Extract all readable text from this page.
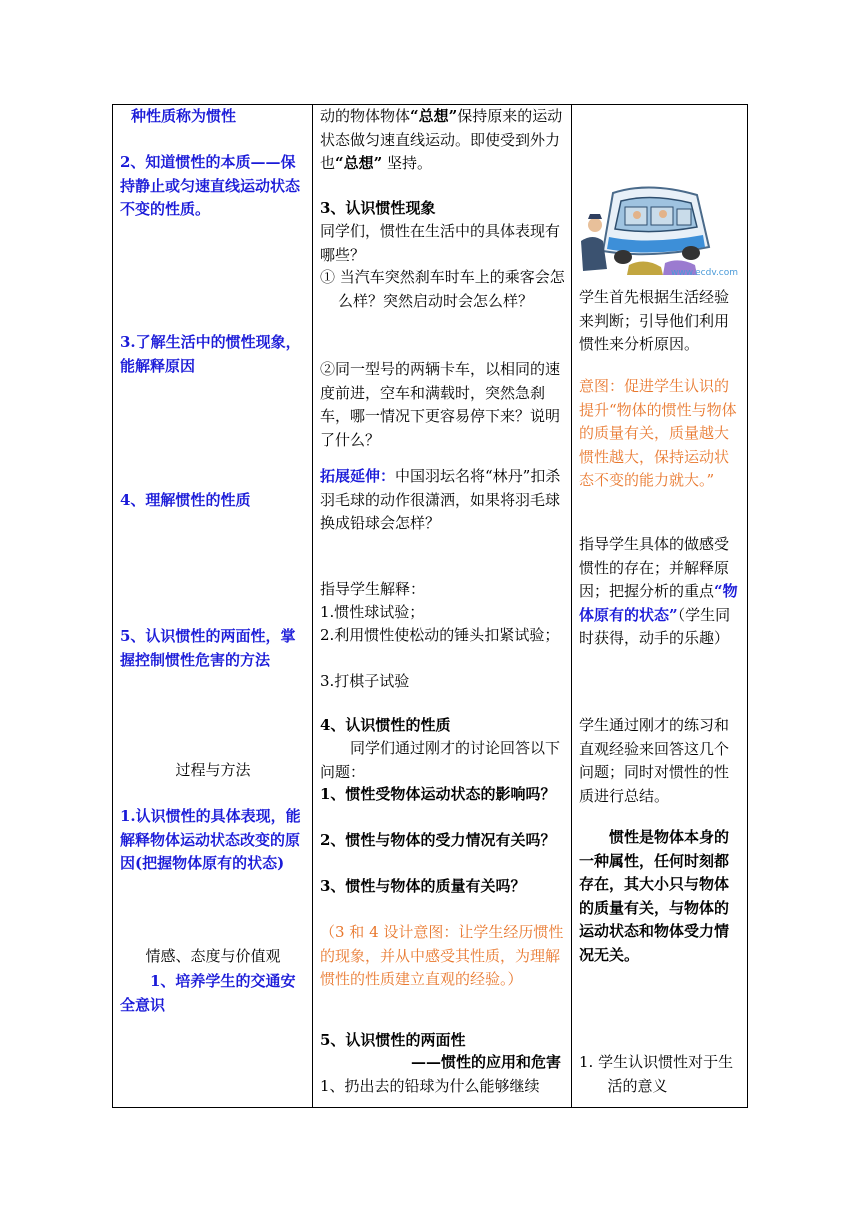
种性质称为惯性
2、知道惯性的本质——保持静止或匀速直线运动状态不变的性质。
3.了解生活中的惯性现象，能解释原因
4、理解惯性的性质
5、认识惯性的两面性，掌握控制惯性危害的方法
过程与方法
1.认识惯性的具体表现，能解释物体运动状态改变的原因(把握物体原有的状态)
情感、态度与价值观
1、培养学生的交通安全意识
动的物体物体“总想”保持原来的运动状态做匀速直线运动。即使受到外力也“总想” 坚持。
3、认识惯性现象
同学们，惯性在生活中的具体表现有哪些？
① 当汽车突然刹车时车上的乘客会怎么样？突然启动时会怎么样？
②同一型号的两辆卡车，以相同的速度前进，空车和满载时，突然急刹车，哪一情况下更容易停下来？说明了什么？
拓展延伸：中国羽坛名将“林丹”扣杀羽毛球的动作很潇洒，如果将羽毛球换成铅球会怎样？
指导学生解释：
1.惯性球试验；
2.利用惯性使松动的锤头扣紧试验；
3.打棋子试验
4、认识惯性的性质
同学们通过刚才的讨论回答以下问题：
1、惯性受物体运动状态的影响吗？
2、惯性与物体的受力情况有关吗？
3、惯性与物体的质量有关吗？
（3 和 4 设计意图：让学生经历惯性的现象，并从中感受其性质，为理解惯性的性质建立直观的经验。）
5、认识惯性的两面性
——惯性的应用和危害
1、扔出去的铅球为什么能够继续
www.ecdv.com
学生首先根据生活经验来判断；引导他们利用惯性来分析原因。
意图：促进学生认识的提升“物体的惯性与物体的质量有关，质量越大惯性越大，保持运动状态不变的能力就大。”
指导学生具体的做感受惯性的存在；并解释原因；把握分析的重点“物体原有的状态”（学生同时获得，动手的乐趣）
学生通过刚才的练习和直观经验来回答这几个问题；同时对惯性的性质进行总结。
惯性是物体本身的一种属性，任何时刻都存在，其大小只与物体的质量有关，与物体的运动状态和物体受力情况无关。
1. 学生认识惯性对于生活的意义
